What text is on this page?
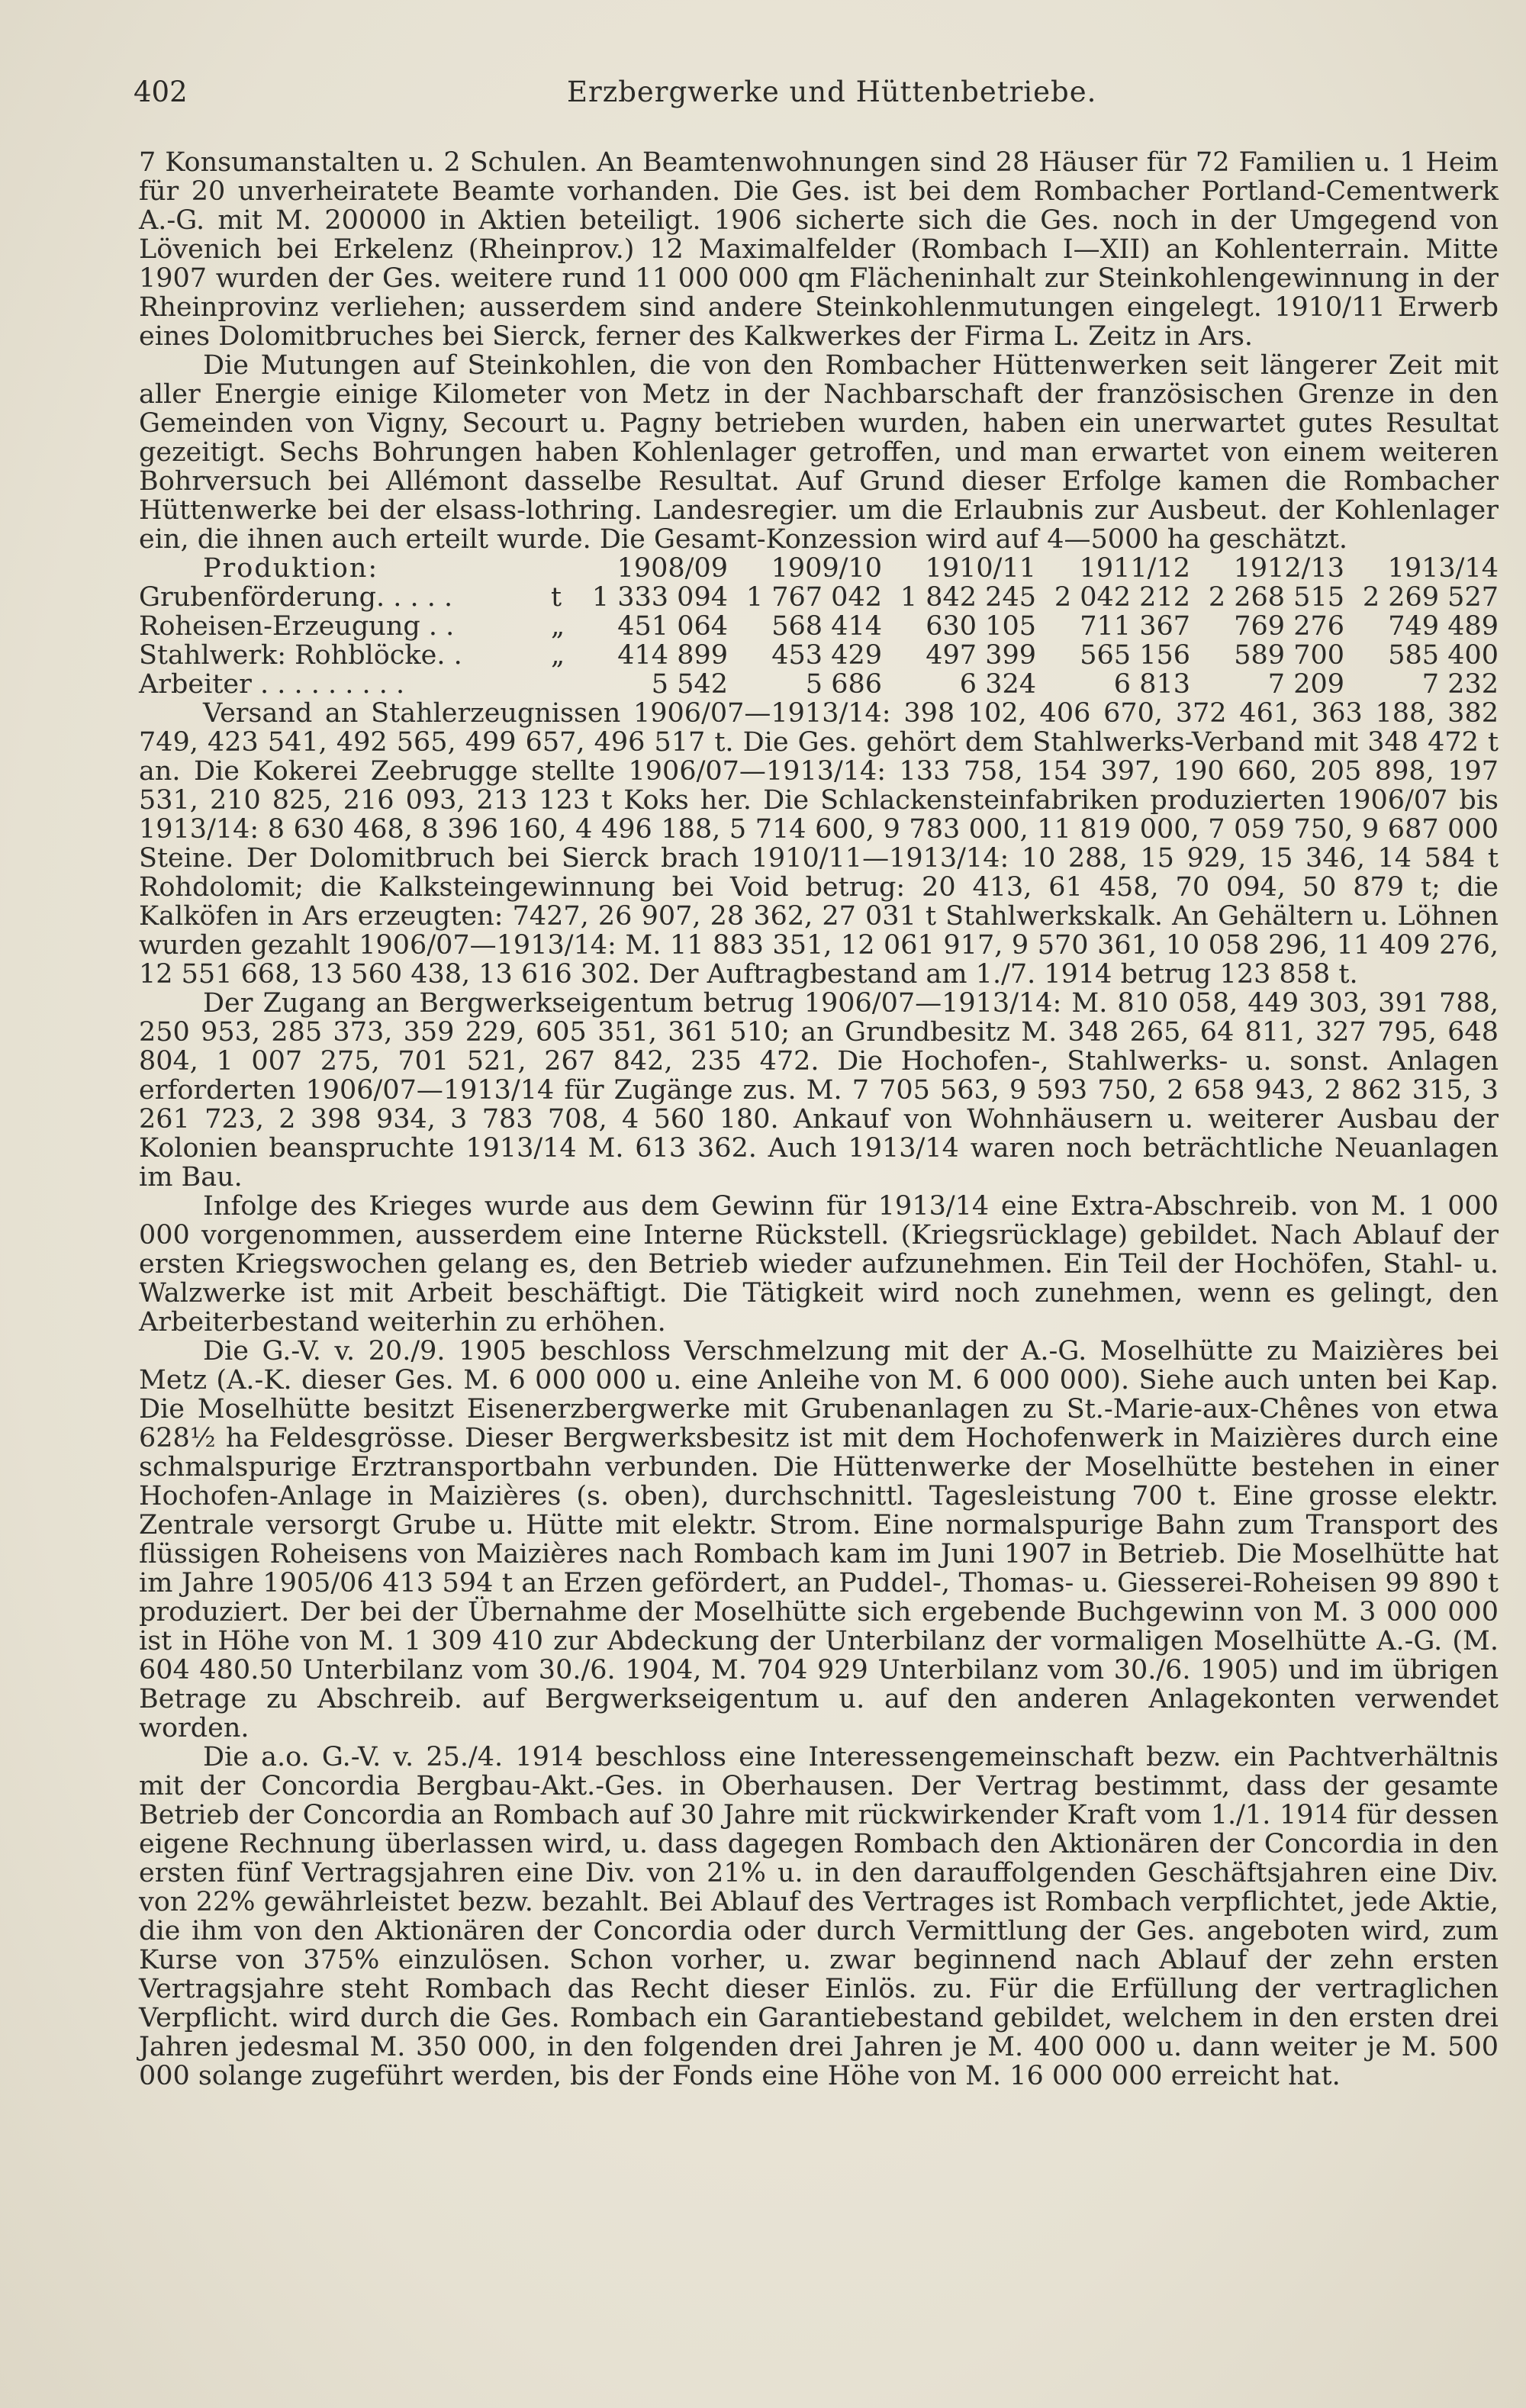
402	Erzbergwerke und Hüttenbetriebe.

7 Konsumanstalten u. 2 Schulen. An Beamtenwohnungen sind 28 Häuser für 72 Familien u. 1 Heim für 20 unverheiratete Beamte vorhanden. Die Ges. ist bei dem Rombacher Portland-Cementwerk A.-G. mit M. 200000 in Aktien beteiligt. 1906 sicherte sich die Ges. noch in der Umgegend von Lövenich bei Erkelenz (Rheinprov.) 12 Maximalfelder (Rombach I—XII) an Kohlenterrain. Mitte 1907 wurden der Ges. weitere rund 11 000 000 qm Flächeninhalt zur Steinkohlengewinnung in der Rheinprovinz verliehen; ausserdem sind andere Steinkohlenmutungen eingelegt. 1910/11 Erwerb eines Dolomitbruches bei Sierck, ferner des Kalkwerkes der Firma L. Zeitz in Ars.

Die Mutungen auf Steinkohlen, die von den Rombacher Hüttenwerken seit längerer Zeit mit aller Energie einige Kilometer von Metz in der Nachbarschaft der französischen Grenze in den Gemeinden von Vigny, Secourt u. Pagny betrieben wurden, haben ein unerwartet gutes Resultat gezeitigt. Sechs Bohrungen haben Kohlenlager getroffen, und man erwartet von einem weiteren Bohrversuch bei Allémont dasselbe Resultat. Auf Grund dieser Erfolge kamen die Rombacher Hüttenwerke bei der elsass-lothring. Landesregier. um die Erlaubnis zur Ausbeut. der Kohlenlager ein, die ihnen auch erteilt wurde. Die Gesamt-Konzession wird auf 4—5000 ha geschätzt.

Produktion:		1908/09	1909/10	1910/11	1911/12	1912/13	1913/14
Grubenförderung. . . . .	t	1 333 094	1 767 042	1 842 245	2 042 212	2 268 515	2 269 527
Roheisen-Erzeugung . .	„	451 064	568 414	630 105	711 367	769 276	749 489
Stahlwerk: Rohblöcke. .	„	414 899	453 429	497 399	565 156	589 700	585 400
Arbeiter . . . . . . . . .		5 542	5 686	6 324	6 813	7 209	7 232

Versand an Stahlerzeugnissen 1906/07—1913/14: 398 102, 406 670, 372 461, 363 188, 382 749, 423 541, 492 565, 499 657, 496 517 t. Die Ges. gehört dem Stahlwerks-Verband mit 348 472 t an. Die Kokerei Zeebrugge stellte 1906/07—1913/14: 133 758, 154 397, 190 660, 205 898, 197 531, 210 825, 216 093, 213 123 t Koks her. Die Schlackensteinfabriken produzierten 1906/07 bis 1913/14: 8 630 468, 8 396 160, 4 496 188, 5 714 600, 9 783 000, 11 819 000, 7 059 750, 9 687 000 Steine. Der Dolomitbruch bei Sierck brach 1910/11—1913/14: 10 288, 15 929, 15 346, 14 584 t Rohdolomit; die Kalksteingewinnung bei Void betrug: 20 413, 61 458, 70 094, 50 879 t; die Kalköfen in Ars erzeugten: 7427, 26 907, 28 362, 27 031 t Stahlwerkskalk. An Gehältern u. Löhnen wurden gezahlt 1906/07—1913/14: M. 11 883 351, 12 061 917, 9 570 361, 10 058 296, 11 409 276, 12 551 668, 13 560 438, 13 616 302. Der Auftragbestand am 1./7. 1914 betrug 123 858 t.

Der Zugang an Bergwerkseigentum betrug 1906/07—1913/14: M. 810 058, 449 303, 391 788, 250 953, 285 373, 359 229, 605 351, 361 510; an Grundbesitz M. 348 265, 64 811, 327 795, 648 804, 1 007 275, 701 521, 267 842, 235 472. Die Hochofen-, Stahlwerks- u. sonst. Anlagen erforderten 1906/07—1913/14 für Zugänge zus. M. 7 705 563, 9 593 750, 2 658 943, 2 862 315, 3 261 723, 2 398 934, 3 783 708, 4 560 180. Ankauf von Wohnhäusern u. weiterer Ausbau der Kolonien beanspruchte 1913/14 M. 613 362. Auch 1913/14 waren noch beträchtliche Neuanlagen im Bau.

Infolge des Krieges wurde aus dem Gewinn für 1913/14 eine Extra-Abschreib. von M. 1 000 000 vorgenommen, ausserdem eine Interne Rückstell. (Kriegsrücklage) gebildet. Nach Ablauf der ersten Kriegswochen gelang es, den Betrieb wieder aufzunehmen. Ein Teil der Hochöfen, Stahl- u. Walzwerke ist mit Arbeit beschäftigt. Die Tätigkeit wird noch zunehmen, wenn es gelingt, den Arbeiterbestand weiterhin zu erhöhen.

Die G.-V. v. 20./9. 1905 beschloss Verschmelzung mit der A.-G. Moselhütte zu Maizières bei Metz (A.-K. dieser Ges. M. 6 000 000 u. eine Anleihe von M. 6 000 000). Siehe auch unten bei Kap. Die Moselhütte besitzt Eisenerzbergwerke mit Grubenanlagen zu St.-Marie-aux-Chênes von etwa 628½ ha Feldesgrösse. Dieser Bergwerksbesitz ist mit dem Hochofenwerk in Maizières durch eine schmalspurige Erztransportbahn verbunden. Die Hüttenwerke der Moselhütte bestehen in einer Hochofen-Anlage in Maizières (s. oben), durchschnittl. Tagesleistung 700 t. Eine grosse elektr. Zentrale versorgt Grube u. Hütte mit elektr. Strom. Eine normalspurige Bahn zum Transport des flüssigen Roheisens von Maizières nach Rombach kam im Juni 1907 in Betrieb. Die Moselhütte hat im Jahre 1905/06 413 594 t an Erzen gefördert, an Puddel-, Thomas- u. Giesserei-Roheisen 99 890 t produziert. Der bei der Übernahme der Moselhütte sich ergebende Buchgewinn von M. 3 000 000 ist in Höhe von M. 1 309 410 zur Abdeckung der Unterbilanz der vormaligen Moselhütte A.-G. (M. 604 480.50 Unterbilanz vom 30./6. 1904, M. 704 929 Unterbilanz vom 30./6. 1905) und im übrigen Betrage zu Abschreib. auf Bergwerkseigentum u. auf den anderen Anlagekonten verwendet worden.

Die a.o. G.-V. v. 25./4. 1914 beschloss eine Interessengemeinschaft bezw. ein Pachtverhältnis mit der Concordia Bergbau-Akt.-Ges. in Oberhausen. Der Vertrag bestimmt, dass der gesamte Betrieb der Concordia an Rombach auf 30 Jahre mit rückwirkender Kraft vom 1./1. 1914 für dessen eigene Rechnung überlassen wird, u. dass dagegen Rombach den Aktionären der Concordia in den ersten fünf Vertragsjahren eine Div. von 21% u. in den darauffolgenden Geschäftsjahren eine Div. von 22% gewährleistet bezw. bezahlt. Bei Ablauf des Vertrages ist Rombach verpflichtet, jede Aktie, die ihm von den Aktionären der Concordia oder durch Vermittlung der Ges. angeboten wird, zum Kurse von 375% einzulösen. Schon vorher, u. zwar beginnend nach Ablauf der zehn ersten Vertragsjahre steht Rombach das Recht dieser Einlös. zu. Für die Erfüllung der vertraglichen Verpflicht. wird durch die Ges. Rombach ein Garantiebestand gebildet, welchem in den ersten drei Jahren jedesmal M. 350 000, in den folgenden drei Jahren je M. 400 000 u. dann weiter je M. 500 000 solange zugeführt werden, bis der Fonds eine Höhe von M. 16 000 000 erreicht hat.
